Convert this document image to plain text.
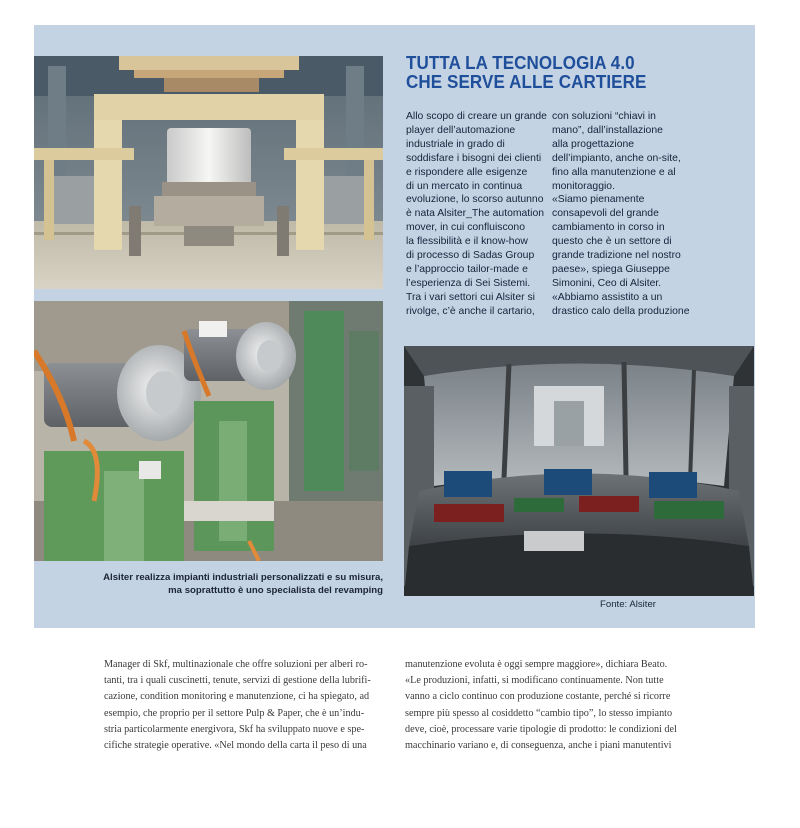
TUTTA LA TECNOLOGIA 4.0
CHE SERVE ALLE CARTIERE

Allo scopo di creare un grande
player dell’automazione
industriale in grado di
soddisfare i bisogni dei clienti
e rispondere alle esigenze
di un mercato in continua
evoluzione, lo scorso autunno
è nata Alsiter_The automation
mover, in cui confluiscono
la flessibilità e il know-how
di processo di Sadas Group
e l’approccio tailor-made e
l’esperienza di Sei Sistemi.
Tra i vari settori cui Alsiter si
rivolge, c’è anche il cartario,

con soluzioni “chiavi in
mano”, dall’installazione
alla progettazione
dell’impianto, anche on-site,
fino alla manutenzione e al
monitoraggio.
«Siamo pienamente
consapevoli del grande
cambiamento in corso in
questo che è un settore di
grande tradizione nel nostro
paese», spiega Giuseppe
Simonini, Ceo di Alsiter.
«Abbiamo assistito a un
drastico calo della produzione

Alsiter realizza impianti industriali personalizzati e su misura,
ma soprattutto è uno specialista del revamping

Fonte: Alsiter

Manager di Skf, multinazionale che offre soluzioni per alberi ro-
tanti, tra i quali cuscinetti, tenute, servizi di gestione della lubrifi-
cazione, condition monitoring e manutenzione, ci ha spiegato, ad
esempio, che proprio per il settore Pulp & Paper, che è un’indu-
stria particolarmente energivora, Skf ha sviluppato nuove e spe-
cifiche strategie operative. «Nel mondo della carta il peso di una

manutenzione evoluta è oggi sempre maggiore», dichiara Beato.
«Le produzioni, infatti, si modificano continuamente. Non tutte
vanno a ciclo continuo con produzione costante, perché si ricorre
sempre più spesso al cosiddetto “cambio tipo”, lo stesso impianto
deve, cioè, processare varie tipologie di prodotto: le condizioni del
macchinario variano e, di conseguenza, anche i piani manutentivi
